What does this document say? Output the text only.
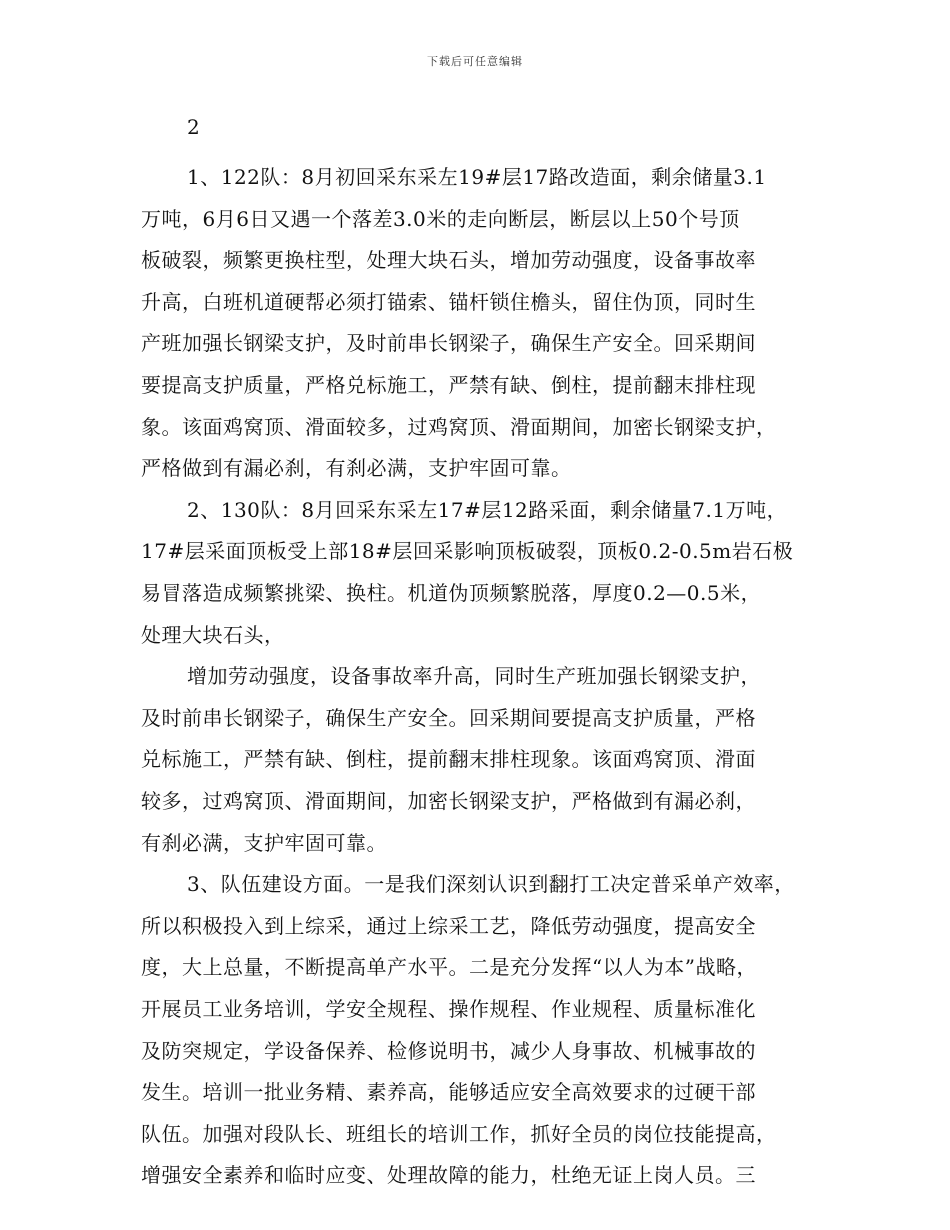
下载后可任意编辑
2
1、122队：8月初回采东采左19#层17路改造面，剩余储量3.1
万吨，6月6日又遇一个落差3.0米的走向断层，断层以上50个号顶
板破裂，频繁更换柱型，处理大块石头，增加劳动强度，设备事故率
升高，白班机道硬帮必须打锚索、锚杆锁住檐头，留住伪顶，同时生
产班加强长钢梁支护，及时前串长钢梁子，确保生产安全。回采期间
要提高支护质量，严格兑标施工，严禁有缺、倒柱，提前翻末排柱现
象。该面鸡窝顶、滑面较多，过鸡窝顶、滑面期间，加密长钢梁支护，
严格做到有漏必刹，有刹必满，支护牢固可靠。
2、130队：8月回采东采左17#层12路采面，剩余储量7.1万吨，
17#层采面顶板受上部18#层回采影响顶板破裂，顶板0.2-0.5m岩石极
易冒落造成频繁挑梁、换柱。机道伪顶频繁脱落，厚度0.2—0.5米，
处理大块石头，
增加劳动强度，设备事故率升高，同时生产班加强长钢梁支护，
及时前串长钢梁子，确保生产安全。回采期间要提高支护质量，严格
兑标施工，严禁有缺、倒柱，提前翻末排柱现象。该面鸡窝顶、滑面
较多，过鸡窝顶、滑面期间，加密长钢梁支护，严格做到有漏必刹，
有刹必满，支护牢固可靠。
3、队伍建设方面。一是我们深刻认识到翻打工决定普采单产效率，
所以积极投入到上综采，通过上综采工艺，降低劳动强度，提高安全
度，大上总量，不断提高单产水平。二是充分发挥“以人为本”战略，
开展员工业务培训，学安全规程、操作规程、作业规程、质量标准化
及防突规定，学设备保养、检修说明书，减少人身事故、机械事故的
发生。培训一批业务精、素养高，能够适应安全高效要求的过硬干部
队伍。加强对段队长、班组长的培训工作，抓好全员的岗位技能提高，
增强安全素养和临时应变、处理故障的能力，杜绝无证上岗人员。三
